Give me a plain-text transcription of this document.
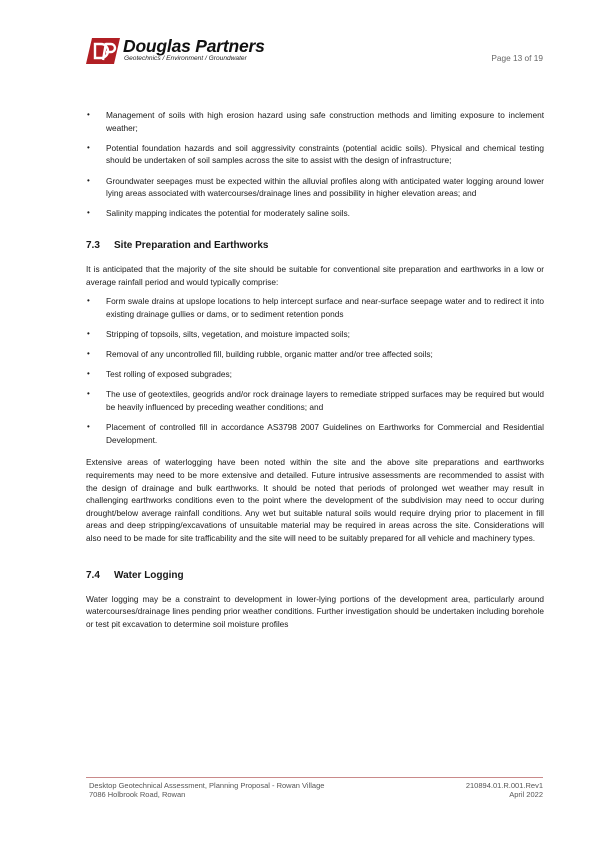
Douglas Partners
Geotechnics / Environment / Groundwater	Page 13 of 19
• Management of soils with high erosion hazard using safe construction methods and limiting exposure to inclement weather;
• Potential foundation hazards and soil aggressivity constraints (potential acidic soils). Physical and chemical testing should be undertaken of soil samples across the site to assist with the design of infrastructure;
• Groundwater seepages must be expected within the alluvial profiles along with anticipated water logging around lower lying areas associated with watercourses/drainage lines and possibility in higher elevation areas; and
• Salinity mapping indicates the potential for moderately saline soils.
7.3 Site Preparation and Earthworks

It is anticipated that the majority of the site should be suitable for conventional site preparation and earthworks in a low or average rainfall period and would typically comprise:

• Form swale drains at upslope locations to help intercept surface and near-surface seepage water and to redirect it into existing drainage gullies or dams, or to sediment retention ponds
• Stripping of topsoils, silts, vegetation, and moisture impacted soils;
• Removal of any uncontrolled fill, building rubble, organic matter and/or tree affected soils;
• Test rolling of exposed subgrades;
• The use of geotextiles, geogrids and/or rock drainage layers to remediate stripped surfaces may be required but would be heavily influenced by preceding weather conditions; and
• Placement of controlled fill in accordance AS3798 2007 Guidelines on Earthworks for Commercial and Residential Development.

Extensive areas of waterlogging have been noted within the site and the above site preparations and earthworks requirements may need to be more extensive and detailed. Future intrusive assessments are recommended to assist with the design of drainage and bulk earthworks. It should be noted that periods of prolonged wet weather may result in challenging earthworks conditions even to the point where the development of the subdivision may need to occur during drought/below average rainfall conditions. Any wet but suitable natural soils would require drying prior to placement in fill areas and deep stripping/excavations of unsuitable material may be required in areas across the site. Considerations will also need to be made for site trafficability and the site will need to be suitably prepared for all vehicle and machinery types.

7.4 Water Logging

Water logging may be a constraint to development in lower-lying portions of the development area, particularly around watercourses/drainage lines pending prior weather conditions. Further investigation should be undertaken including borehole or test pit excavation to determine soil moisture profiles

Desktop Geotechnical Assessment, Planning Proposal - Rowan Village
7086 Holbrook Road, Rowan
210894.01.R.001.Rev1
April 2022
